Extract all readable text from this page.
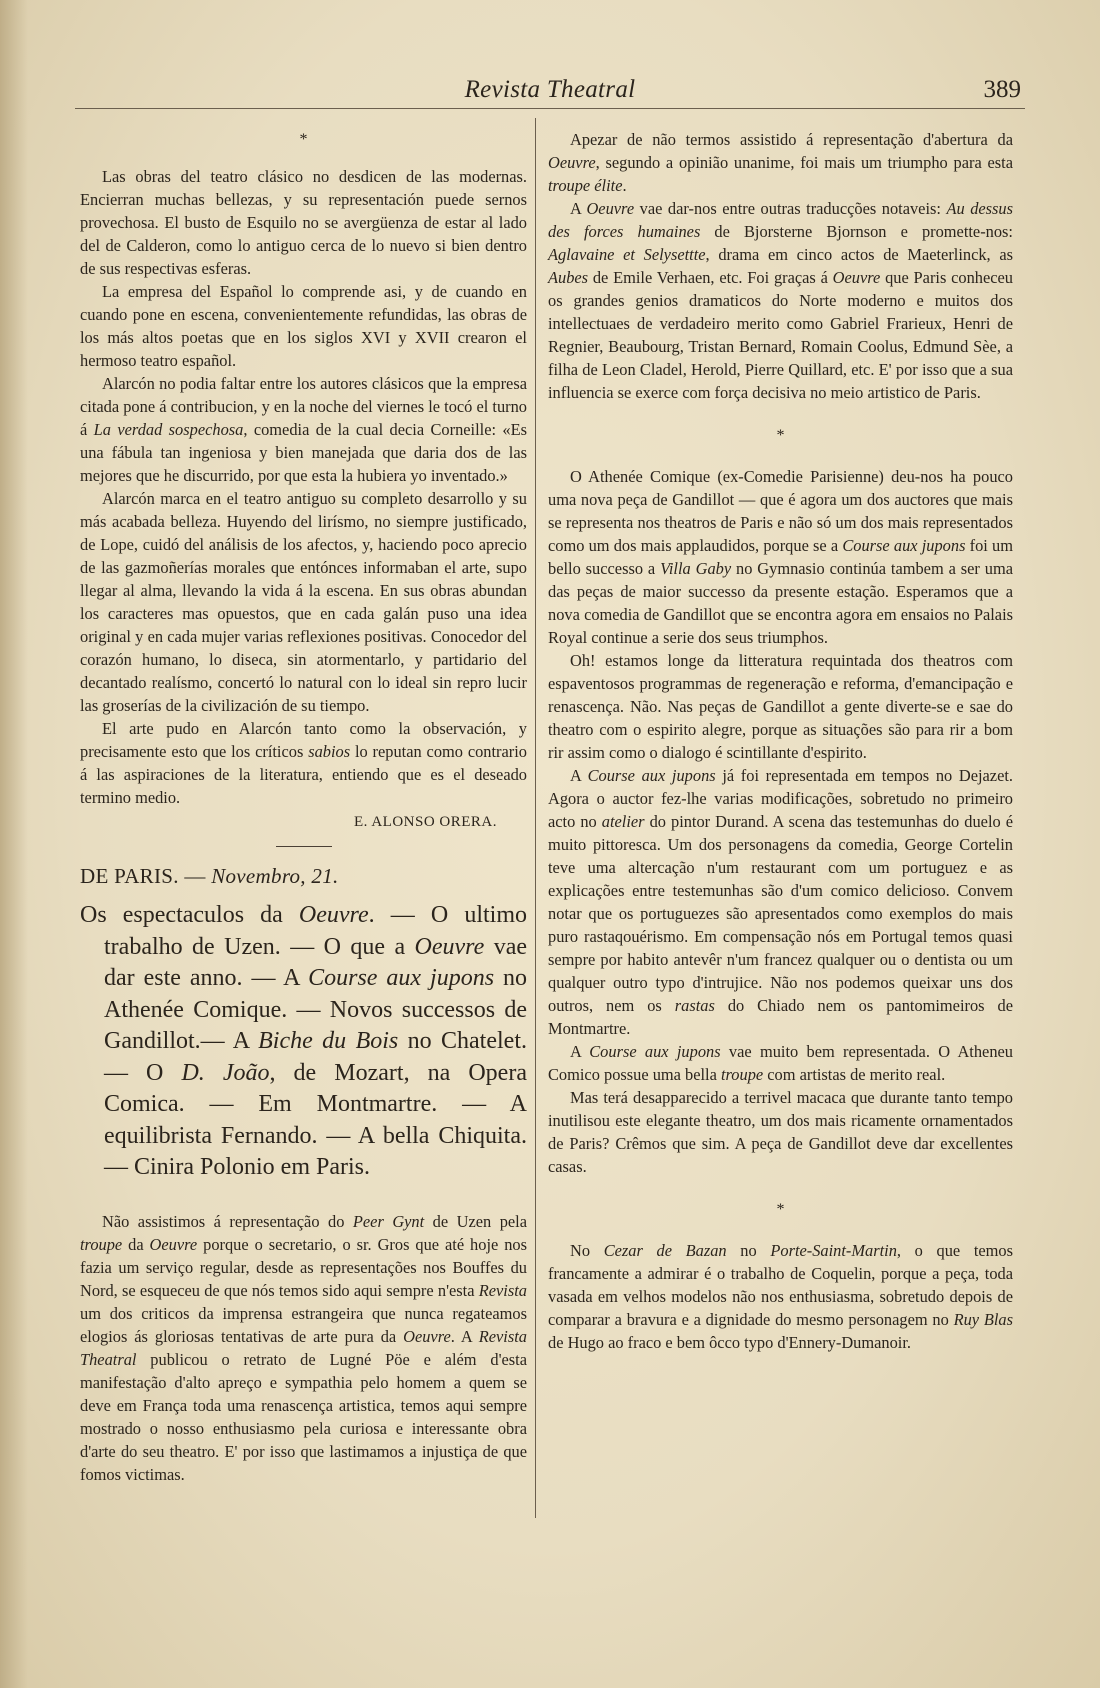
Revista Theatral	389
*

Las obras del teatro clásico no desdicen de las modernas. Encierran muchas bellezas, y su representación puede sernos provechosa. El busto de Esquilo no se avergüenza de estar al lado del de Calderon, como lo antiguo cerca de lo nuevo si bien dentro de sus respectivas esferas.

La empresa del Español lo comprende asi, y de cuando en cuando pone en escena, convenientemente refundidas, las obras de los más altos poetas que en los siglos XVI y XVII crearon el hermoso teatro español.

Alarcón no podia faltar entre los autores clásicos que la empresa citada pone á contribucion, y en la noche del viernes le tocó el turno á La verdad sospechosa, comedia de la cual decia Corneille: «Es una fábula tan ingeniosa y bien manejada que daria dos de las mejores que he discurrido, por que esta la hubiera yo inventado.»

Alarcón marca en el teatro antiguo su completo desarrollo y su más acabada belleza. Huyendo del lirísmo, no siempre justificado, de Lope, cuidó del análisis de los afectos, y, haciendo poco aprecio de las gazmoñerías morales que entónces informaban el arte, supo llegar al alma, llevando la vida á la escena. En sus obras abundan los caracteres mas opuestos, que en cada galán puso una idea original y en cada mujer varias reflexiones positivas. Conocedor del corazón humano, lo diseca, sin atormentarlo, y partidario del decantado realísmo, concertó lo natural con lo ideal sin repro lucir las groserías de la civilización de su tiempo.

El arte pudo en Alarcón tanto como la observación, y precisamente esto que los críticos sabios lo reputan como contrario á las aspiraciones de la literatura, entiendo que es el deseado termino medio.

E. ALONSO ORERA.
DE PARIS. — Novembro, 21.
Os espectaculos da Oeuvre. — O ultimo trabalho de Uzen. — O que a Oeuvre vae dar este anno. — A Course aux jupons no Athenée Comique. — Novos successos de Gandillot.— A Biche du Bois no Chatelet. — O D. João, de Mozart, na Opera Comica. — Em Montmartre. — A equilibrista Fernando. — A bella Chiquita. — Cinira Polonio em Paris.

Não assistimos á representação do Peer Gynt de Uzen pela troupe da Oeuvre porque o secretario, o sr. Gros que até hoje nos fazia um serviço regular, desde as representações nos Bouffes du Nord, se esqueceu de que nós temos sido aqui sempre n'esta Revista um dos criticos da imprensa estrangeira que nunca regateamos elogios ás gloriosas tentativas de arte pura da Oeuvre. A Revista Theatral publicou o retrato de Lugné Pöe e além d'esta manifestação d'alto apreço e sympathia pelo homem a quem se deve em França toda uma renascença artistica, temos aqui sempre mostrado o nosso enthusiasmo pela curiosa e interessante obra d'arte do seu theatro. E' por isso que lastimamos a injustiça de que fomos victimas.

Apezar de não termos assistido á representação d'abertura da Oeuvre, segundo a opinião unanime, foi mais um triumpho para esta troupe élite.

A Oeuvre vae dar-nos entre outras traducções notaveis: Au dessus des forces humaines de Bjorsterne Bjornson e promette-nos: Aglavaine et Selysettte, drama em cinco actos de Maeterlinck, as Aubes de Emile Verhaen, etc. Foi graças á Oeuvre que Paris conheceu os grandes genios dramaticos do Norte moderno e muitos dos intellectuaes de verdadeiro merito como Gabriel Frarieux, Henri de Regnier, Beaubourg, Tristan Bernard, Romain Coolus, Edmund Sèe, a filha de Leon Cladel, Herold, Pierre Quillard, etc. E' por isso que a sua influencia se exerce com força decisiva no meio artistico de Paris.

*

O Athenée Comique (ex-Comedie Parisienne) deu-nos ha pouco uma nova peça de Gandillot — que é agora um dos auctores que mais se representa nos theatros de Paris e não só um dos mais representados como um dos mais applaudidos, porque se a Course aux jupons foi um bello successo a Villa Gaby no Gymnasio continúa tambem a ser uma das peças de maior successo da presente estação. Esperamos que a nova comedia de Gandillot que se encontra agora em ensaios no Palais Royal continue a serie dos seus triumphos.

Oh! estamos longe da litteratura requintada dos theatros com espaventosos programmas de regeneração e reforma, d'emancipação e renascença. Não. Nas peças de Gandillot a gente diverte-se e sae do theatro com o espirito alegre, porque as situações são para rir a bom rir assim como o dialogo é scintillante d'espirito.

A Course aux jupons já foi representada em tempos no Dejazet. Agora o auctor fez-lhe varias modificações, sobretudo no primeiro acto no atelier do pintor Durand. A scena das testemunhas do duelo é muito pittoresca. Um dos personagens da comedia, George Cortelin teve uma altercação n'um restaurant com um portuguez e as explicações entre testemunhas são d'um comico delicioso. Convem notar que os portuguezes são apresentados como exemplos do mais puro rastaqouérismo. Em compensação nós em Portugal temos quasi sempre por habito antevêr n'um francez qualquer ou o dentista ou um qualquer outro typo d'intrujice. Não nos podemos queixar uns dos outros, nem os rastas do Chiado nem os pantomimeiros de Montmartre.

A Course aux jupons vae muito bem representada. O Atheneu Comico possue uma bella troupe com artistas de merito real.

Mas terá desapparecido a terrivel macaca que durante tanto tempo inutilisou este elegante theatro, um dos mais ricamente ornamentados de Paris? Crêmos que sim. A peça de Gandillot deve dar excellentes casas.

*

No Cezar de Bazan no Porte-Saint-Martin, o que temos francamente a admirar é o trabalho de Coquelin, porque a peça, toda vasada em velhos modelos não nos enthusiasma, sobretudo depois de comparar a bravura e a dignidade do mesmo personagem no Ruy Blas de Hugo ao fraco e bem ôcco typo d'Ennery-Dumanoir.
